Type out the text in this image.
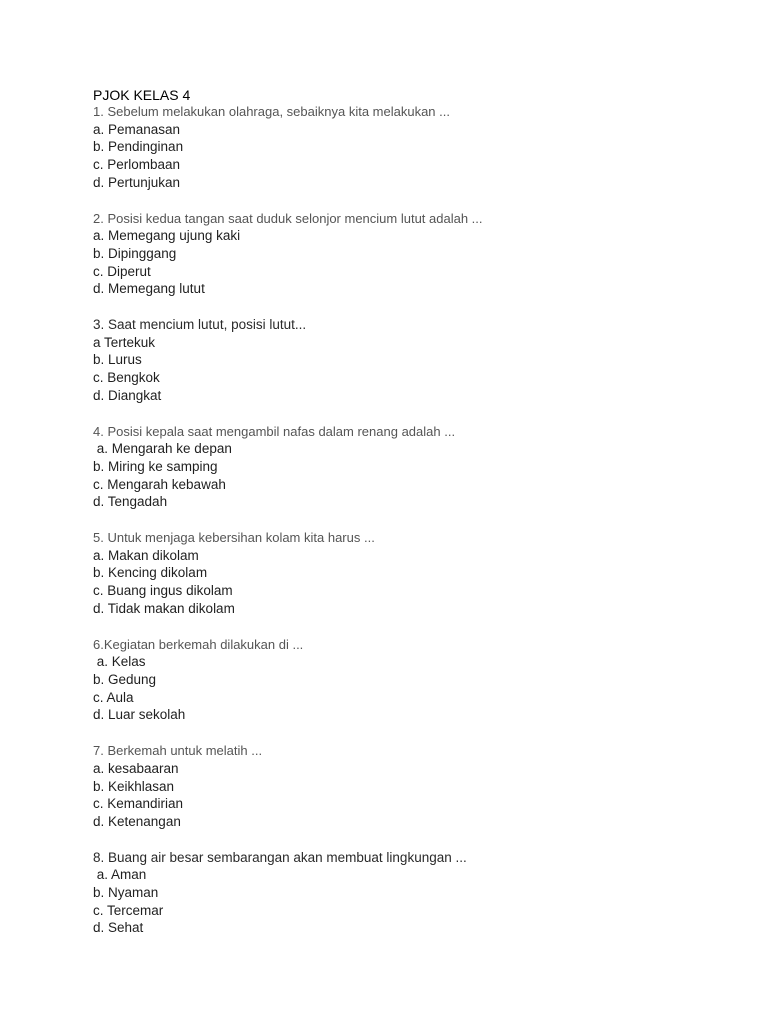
PJOK KELAS 4
1. Sebelum melakukan olahraga, sebaiknya kita melakukan ...
a. Pemanasan
b. Pendinginan
c. Perlombaan
d. Pertunjukan
2. Posisi kedua tangan saat duduk selonjor mencium lutut adalah ...
a. Memegang ujung kaki
b. Dipinggang
c. Diperut
d. Memegang lutut
3. Saat mencium lutut, posisi lutut...
a Tertekuk
b. Lurus
c. Bengkok
d. Diangkat
4. Posisi kepala saat mengambil nafas dalam renang adalah ...
a. Mengarah ke depan
b. Miring ke samping
c. Mengarah kebawah
d. Tengadah
5. Untuk menjaga kebersihan kolam kita harus ...
a. Makan dikolam
b. Kencing dikolam
c. Buang ingus dikolam
d. Tidak makan dikolam
6.Kegiatan berkemah dilakukan di ...
a. Kelas
b. Gedung
c. Aula
d. Luar sekolah
7. Berkemah untuk melatih ...
a. kesabaaran
b. Keikhlasan
c. Kemandirian
d. Ketenangan
8. Buang air besar sembarangan akan membuat lingkungan ...
a. Aman
b. Nyaman
c. Tercemar
d. Sehat
